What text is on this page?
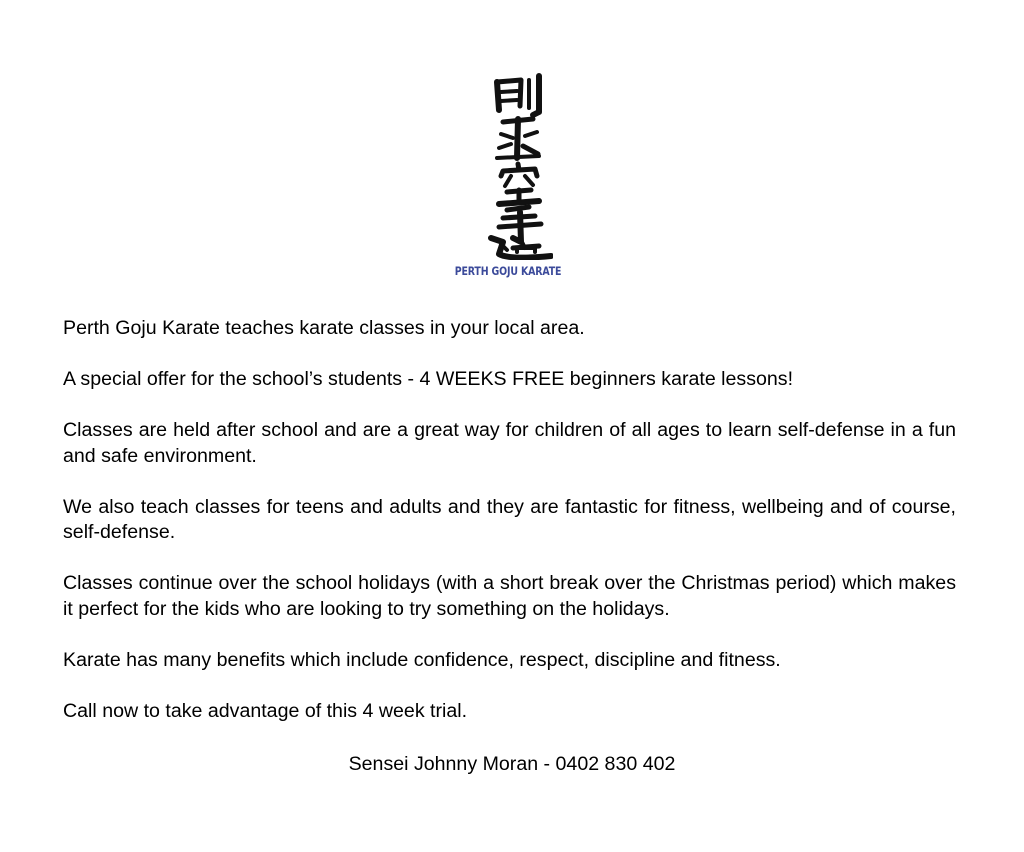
PERTH GOJU KARATE

Perth Goju Karate teaches karate classes in your local area.

A special offer for the school’s students - 4 WEEKS FREE beginners karate lessons!

Classes are held after school and are a great way for children of all ages to learn self-defense in a fun and safe environment.

We also teach classes for teens and adults and they are fantastic for fitness, wellbeing and of course, self-defense.

Classes continue over the school holidays (with a short break over the Christmas period) which makes it perfect for the kids who are looking to try something on the holidays.

Karate has many benefits which include confidence, respect, discipline and fitness.

Call now to take advantage of this 4 week trial.

Sensei Johnny Moran - 0402 830 402
